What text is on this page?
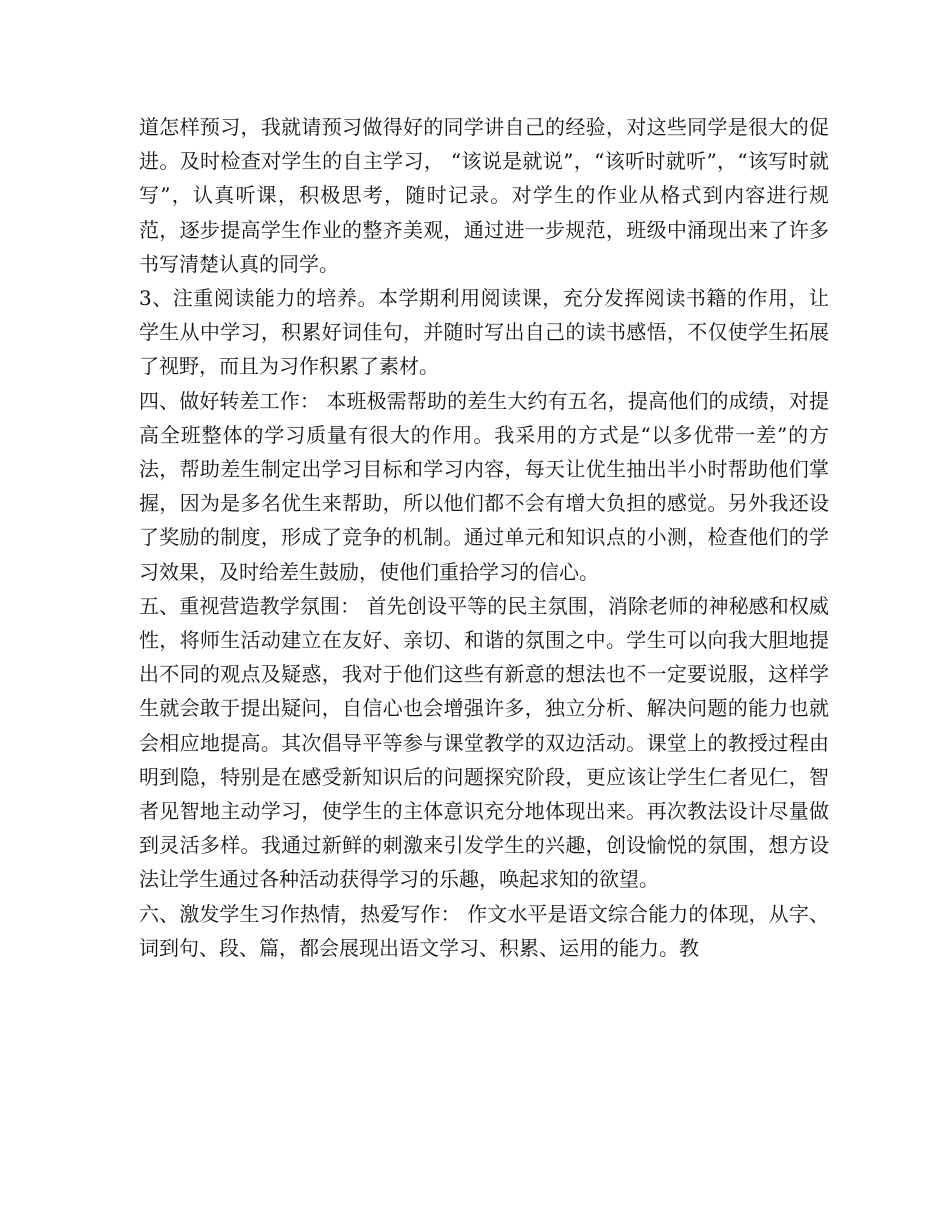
道怎样预习，我就请预习做得好的同学讲自己的经验，对这些同学是很大的促进。及时检查对学生的自主学习， “该说是就说”，“该听时就听”，“该写时就写”，认真听课，积极思考，随时记录。对学生的作业从格式到内容进行规范，逐步提高学生作业的整齐美观，通过进一步规范，班级中涌现出来了许多书写清楚认真的同学。

3、注重阅读能力的培养。本学期利用阅读课，充分发挥阅读书籍的作用，让学生从中学习，积累好词佳句，并随时写出自己的读书感悟，不仅使学生拓展了视野，而且为习作积累了素材。

四、做好转差工作： 本班极需帮助的差生大约有五名，提高他们的成绩，对提高全班整体的学习质量有很大的作用。我采用的方式是“以多优带一差”的方法，帮助差生制定出学习目标和学习内容，每天让优生抽出半小时帮助他们掌握，因为是多名优生来帮助，所以他们都不会有增大负担的感觉。另外我还设了奖励的制度，形成了竞争的机制。通过单元和知识点的小测，检查他们的学习效果，及时给差生鼓励，使他们重拾学习的信心。

五、重视营造教学氛围： 首先创设平等的民主氛围，消除老师的神秘感和权威性，将师生活动建立在友好、亲切、和谐的氛围之中。学生可以向我大胆地提出不同的观点及疑惑，我对于他们这些有新意的想法也不一定要说服，这样学生就会敢于提出疑问，自信心也会增强许多，独立分析、解决问题的能力也就会相应地提高。其次倡导平等参与课堂教学的双边活动。课堂上的教授过程由明到隐，特别是在感受新知识后的问题探究阶段，更应该让学生仁者见仁，智者见智地主动学习，使学生的主体意识充分地体现出来。再次教法设计尽量做到灵活多样。我通过新鲜的刺激来引发学生的兴趣，创设愉悦的氛围，想方设法让学生通过各种活动获得学习的乐趣，唤起求知的欲望。

六、激发学生习作热情，热爱写作： 作文水平是语文综合能力的体现，从字、词到句、段、篇，都会展现出语文学习、积累、运用的能力。教
